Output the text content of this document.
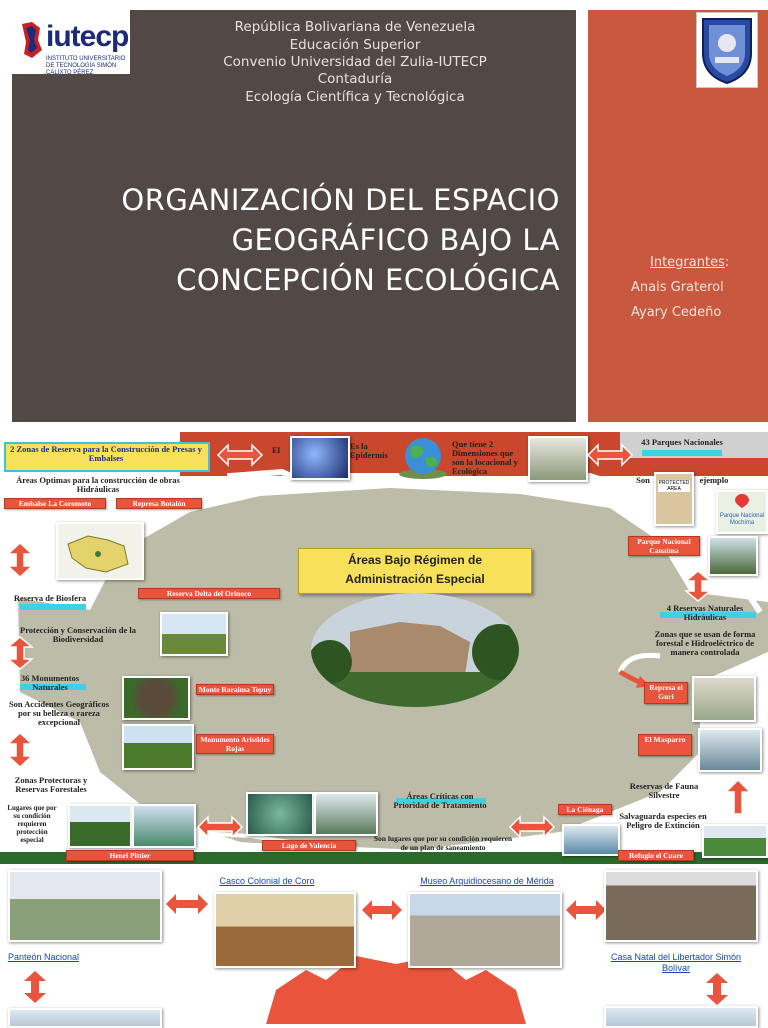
iutecp
INSTITUTO UNIVERSITARIO DE TECNOLOGÍA SIMÓN CALIXTO PÉREZ
República Bolivariana de Venezuela
Educación Superior
Convenio Universidad del Zulia-IUTECP
Contaduría
Ecología Científica y Tecnológica
ORGANIZACIÓN DEL ESPACIO
GEOGRÁFICO BAJO LA
CONCEPCIÓN ECOLÓGICA
Integrantes:
Anais Graterol
Ayary Cedeño
Áreas Bajo Régimen de
Administración Especial
2 Zonas de Reserva para la Construcción de Presas y Embalses
El	Es la Epidermis
Que tiene 2 Dimensiones que son la locacional y Ecológica
43 Parques Nacionales
Áreas Optimas para la construcción de obras Hidráulicas
Embalse La Coromoto	Represa Botalón
Son	PROTECTED AREA
ejemplo
Parque Nacional Mochima
Parque Nacional Canaima
Reserva de Biosfera	Reserva Delta del Orinoco
Protección y Conservación de la Biodiversidad
36 Monumentos Naturales	Monte Roraima Tepuy
Son Accidentes Geográficos por su belleza o rareza excepcional
Monumento Aristides Rojas
Zonas Protectoras y Reservas Forestales
Lugares que por su condición requieren protección especial
Henri Pittier
Lago de Valencia
Áreas Críticas con Prioridad de Tratamiento
Son lugares que por su condición requieren de un plan de saneamiento
4 Reservas Naturales Hidráulicas
Zonas que se usan de forma forestal e Hidroeléctrico de manera controlada
Represa el Guri
El Masparro
Reservas de Fauna Silvestre
La Ciénaga
Salvaguarda especies en Peligro de Extinción
Refugio el Cuare
Casco Colonial de Coro	Museo Arquidiocesano de Mérida
Panteón Nacional	Casa Natal del Libertador Simón
Bolívar
